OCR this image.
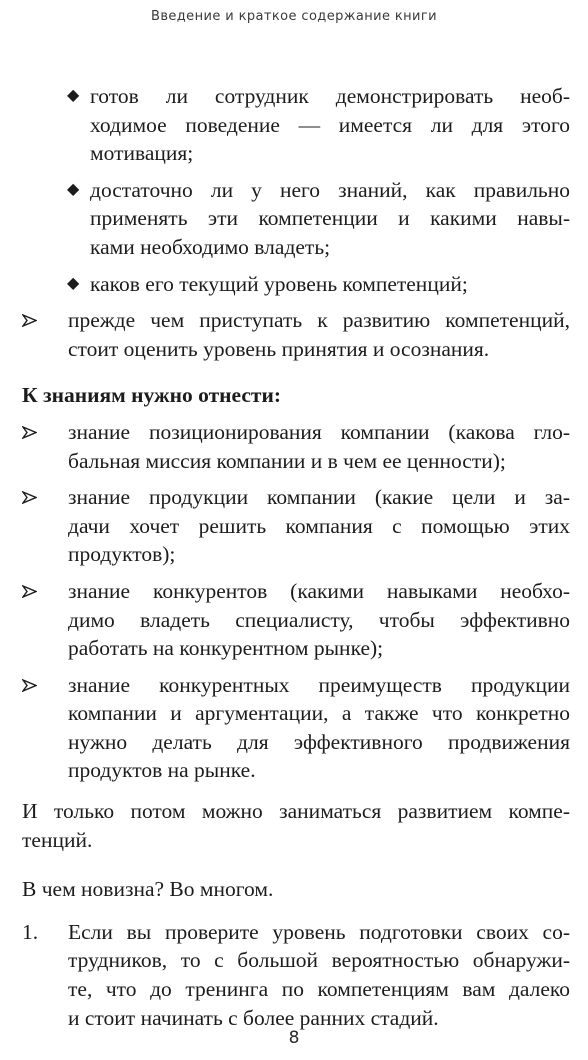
Введение и краткое содержание книги
◆ готов ли сотрудник демонстрировать необ-
ходимое поведение — имеется ли для этого
мотивация;
◆ достаточно ли у него знаний, как правильно
применять эти компетенции и какими навы-
ками необходимо владеть;
◆ каков его текущий уровень компетенций;
прежде чем приступать к развитию компетенций,
стоит оценить уровень принятия и осознания.
К знаниям нужно отнести:
знание позиционирования компании (какова гло-
бальная миссия компании и в чем ее ценности);
знание продукции компании (какие цели и за-
дачи хочет решить компания с помощью этих
продуктов);
знание конкурентов (какими навыками необхо-
димо владеть специалисту, чтобы эффективно
работать на конкурентном рынке);
знание конкурентных преимуществ продукции
компании и аргументации, а также что конкретно
нужно делать для эффективного продвижения
продуктов на рынке.
И только потом можно заниматься развитием компе-
тенций.
В чем новизна? Во многом.
1. Если вы проверите уровень подготовки своих со-
трудников, то с большой вероятностью обнаружи-
те, что до тренинга по компетенциям вам далеко
и стоит начинать с более ранних стадий.
8
